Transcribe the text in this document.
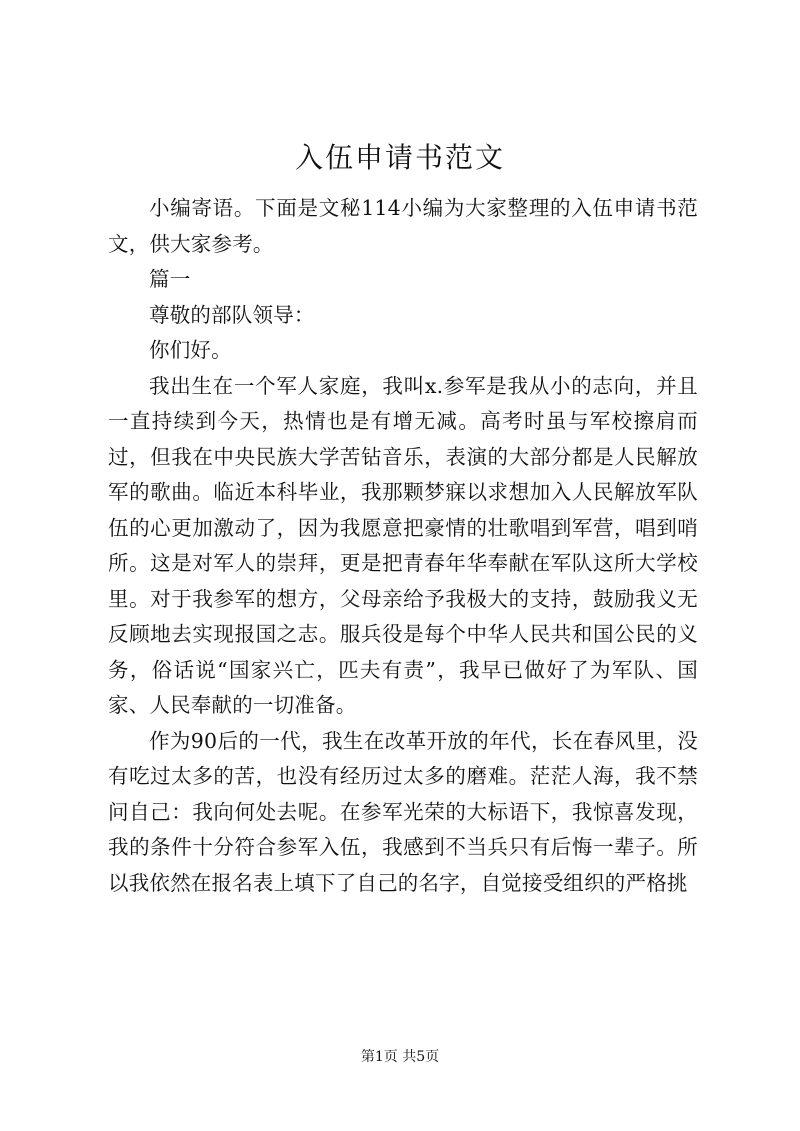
入伍申请书范文

小编寄语。下面是文秘114小编为大家整理的入伍申请书范文，供大家参考。

篇一

尊敬的部队领导：

你们好。

我出生在一个军人家庭，我叫x.参军是我从小的志向，并且一直持续到今天，热情也是有增无减。高考时虽与军校擦肩而过，但我在中央民族大学苦钻音乐，表演的大部分都是人民解放军的歌曲。临近本科毕业，我那颗梦寐以求想加入人民解放军队伍的心更加激动了，因为我愿意把豪情的壮歌唱到军营，唱到哨所。这是对军人的崇拜，更是把青春年华奉献在军队这所大学校里。对于我参军的想方，父母亲给予我极大的支持，鼓励我义无反顾地去实现报国之志。服兵役是每个中华人民共和国公民的义务，俗话说“国家兴亡，匹夫有责”，我早已做好了为军队、国家、人民奉献的一切准备。

作为90后的一代，我生在改革开放的年代，长在春风里，没有吃过太多的苦，也没有经历过太多的磨难。茫茫人海，我不禁问自己：我向何处去呢。在参军光荣的大标语下，我惊喜发现，我的条件十分符合参军入伍，我感到不当兵只有后悔一辈子。所以我依然在报名表上填下了自己的名字，自觉接受组织的严格挑

第1页 共5页
